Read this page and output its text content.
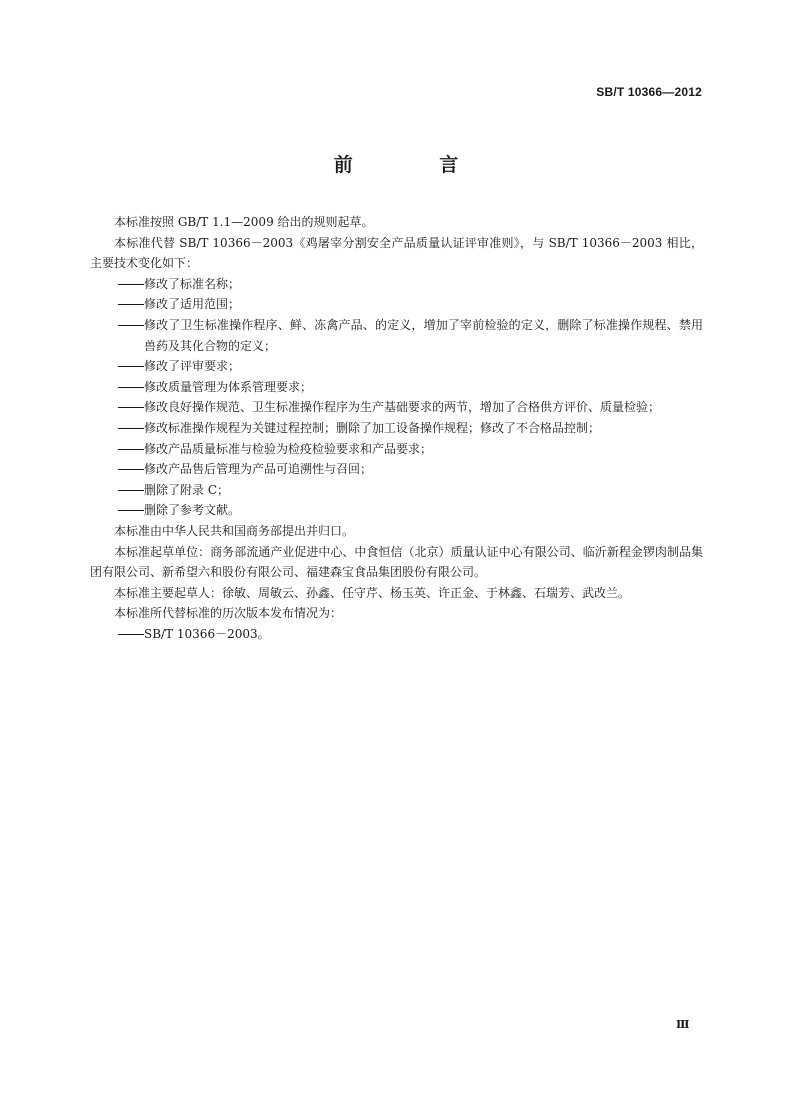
SB/T 10366—2012
前 言

本标准按照 GB/T 1.1—2009 给出的规则起草。

本标准代替 SB/T 10366－2003《鸡屠宰分割安全产品质量认证评审准则》，与 SB/T 10366－2003 相比，主要技术变化如下：

修改了标准名称；

修改了适用范围；

修改了卫生标准操作程序、鲜、冻禽产品、的定义，增加了宰前检验的定义，删除了标准操作规程、禁用兽药及其化合物的定义；

修改了评审要求；

修改质量管理为体系管理要求；

修改良好操作规范、卫生标准操作程序为生产基础要求的两节，增加了合格供方评价、质量检验；

修改标准操作规程为关键过程控制；删除了加工设备操作规程；修改了不合格品控制；

修改产品质量标准与检验为检疫检验要求和产品要求；

修改产品售后管理为产品可追溯性与召回；

删除了附录 C；

删除了参考文献。

本标准由中华人民共和国商务部提出并归口。

本标准起草单位：商务部流通产业促进中心、中食恒信（北京）质量认证中心有限公司、临沂新程金锣肉制品集团有限公司、新希望六和股份有限公司、福建森宝食品集团股份有限公司。

本标准主要起草人：徐敏、周敏云、孙鑫、任守芹、杨玉英、许正金、于林鑫、石瑞芳、武改兰。

本标准所代替标准的历次版本发布情况为：

SB/T 10366－2003。

Ⅲ
